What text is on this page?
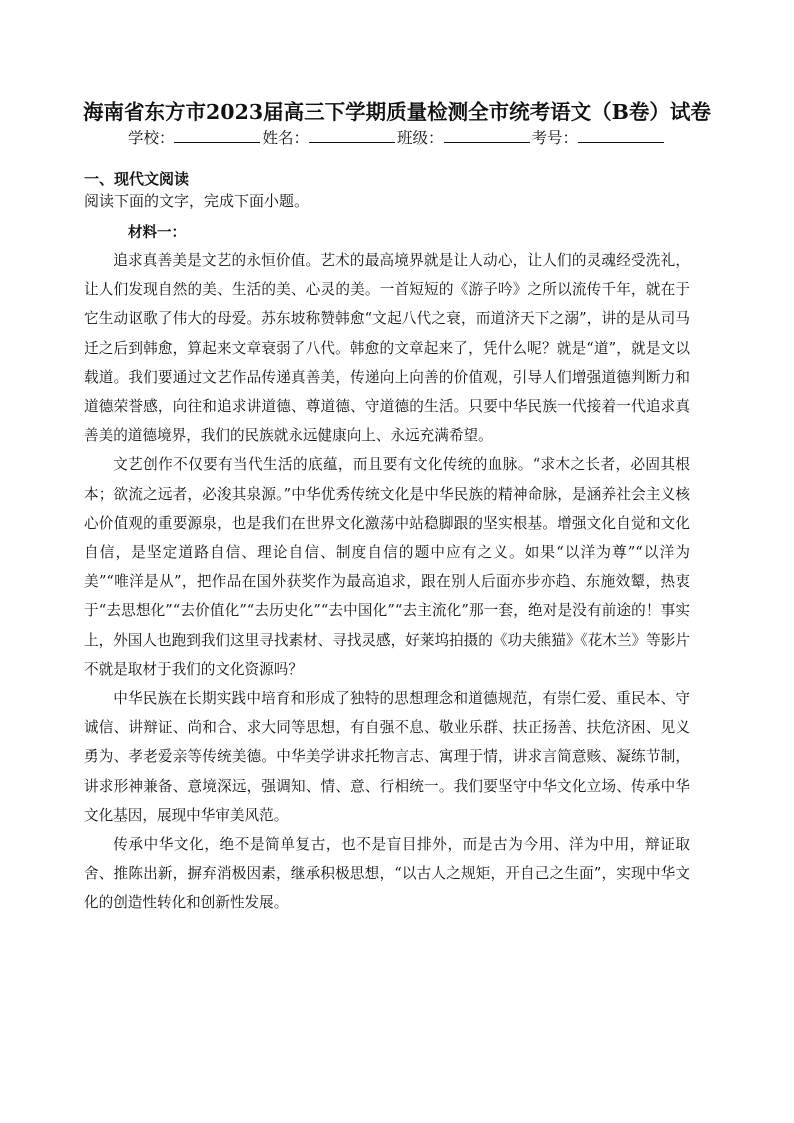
海南省东方市2023届高三下学期质量检测全市统考语文（B卷）试卷
学校：	姓名：	班级：	考号：
一、现代文阅读
阅读下面的文字，完成下面小题。
材料一：

追求真善美是文艺的永恒价值。艺术的最高境界就是让人动心，让人们的灵魂经受洗礼，让人们发现自然的美、生活的美、心灵的美。一首短短的《游子吟》之所以流传千年，就在于它生动讴歌了伟大的母爱。苏东坡称赞韩愈“文起八代之衰，而道济天下之溺”，讲的是从司马迁之后到韩愈，算起来文章衰弱了八代。韩愈的文章起来了，凭什么呢？就是“道”，就是文以载道。我们要通过文艺作品传递真善美，传递向上向善的价值观，引导人们增强道德判断力和道德荣誉感，向往和追求讲道德、尊道德、守道德的生活。只要中华民族一代接着一代追求真善美的道德境界，我们的民族就永远健康向上、永远充满希望。

文艺创作不仅要有当代生活的底蕴，而且要有文化传统的血脉。“求木之长者，必固其根本；欲流之远者，必浚其泉源。”中华优秀传统文化是中华民族的精神命脉，是涵养社会主义核心价值观的重要源泉，也是我们在世界文化激荡中站稳脚跟的坚实根基。增强文化自觉和文化自信，是坚定道路自信、理论自信、制度自信的题中应有之义。如果“以洋为尊”“以洋为美”“唯洋是从”，把作品在国外获奖作为最高追求，跟在别人后面亦步亦趋、东施效颦，热衷于“去思想化”“去价值化”“去历史化”“去中国化”“去主流化”那一套，绝对是没有前途的！事实上，外国人也跑到我们这里寻找素材、寻找灵感，好莱坞拍摄的《功夫熊猫》《花木兰》等影片不就是取材于我们的文化资源吗？

中华民族在长期实践中培育和形成了独特的思想理念和道德规范，有崇仁爱、重民本、守诚信、讲辩证、尚和合、求大同等思想，有自强不息、敬业乐群、扶正扬善、扶危济困、见义勇为、孝老爱亲等传统美德。中华美学讲求托物言志、寓理于情，讲求言简意赅、凝练节制，讲求形神兼备、意境深远，强调知、情、意、行相统一。我们要坚守中华文化立场、传承中华文化基因，展现中华审美风范。

传承中华文化，绝不是简单复古，也不是盲目排外，而是古为今用、洋为中用，辩证取舍、推陈出新，摒弃消极因素，继承积极思想，“以古人之规矩，开自己之生面”，实现中华文化的创造性转化和创新性发展。
